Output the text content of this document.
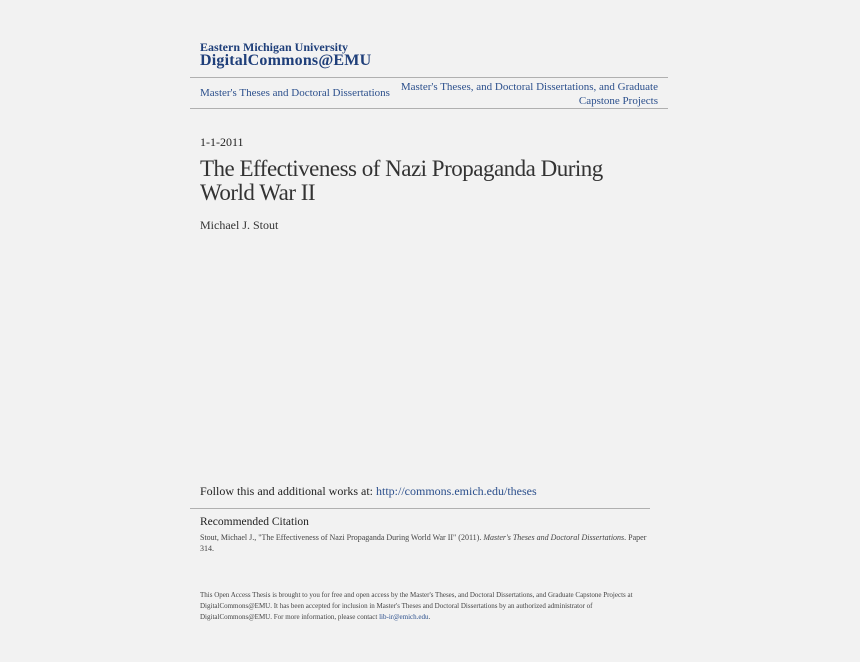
Eastern Michigan University
DigitalCommons@EMU
Master's Theses and Doctoral Dissertations Master's Theses, and Doctoral Dissertations, and Graduate Capstone Projects
1-1-2011
The Effectiveness of Nazi Propaganda During World War II
Michael J. Stout
Follow this and additional works at: http://commons.emich.edu/theses
Recommended Citation
Stout, Michael J., "The Effectiveness of Nazi Propaganda During World War II" (2011). Master's Theses and Doctoral Dissertations. Paper 314.
This Open Access Thesis is brought to you for free and open access by the Master's Theses, and Doctoral Dissertations, and Graduate Capstone Projects at DigitalCommons@EMU. It has been accepted for inclusion in Master's Theses and Doctoral Dissertations by an authorized administrator of DigitalCommons@EMU. For more information, please contact lib-ir@emich.edu.
